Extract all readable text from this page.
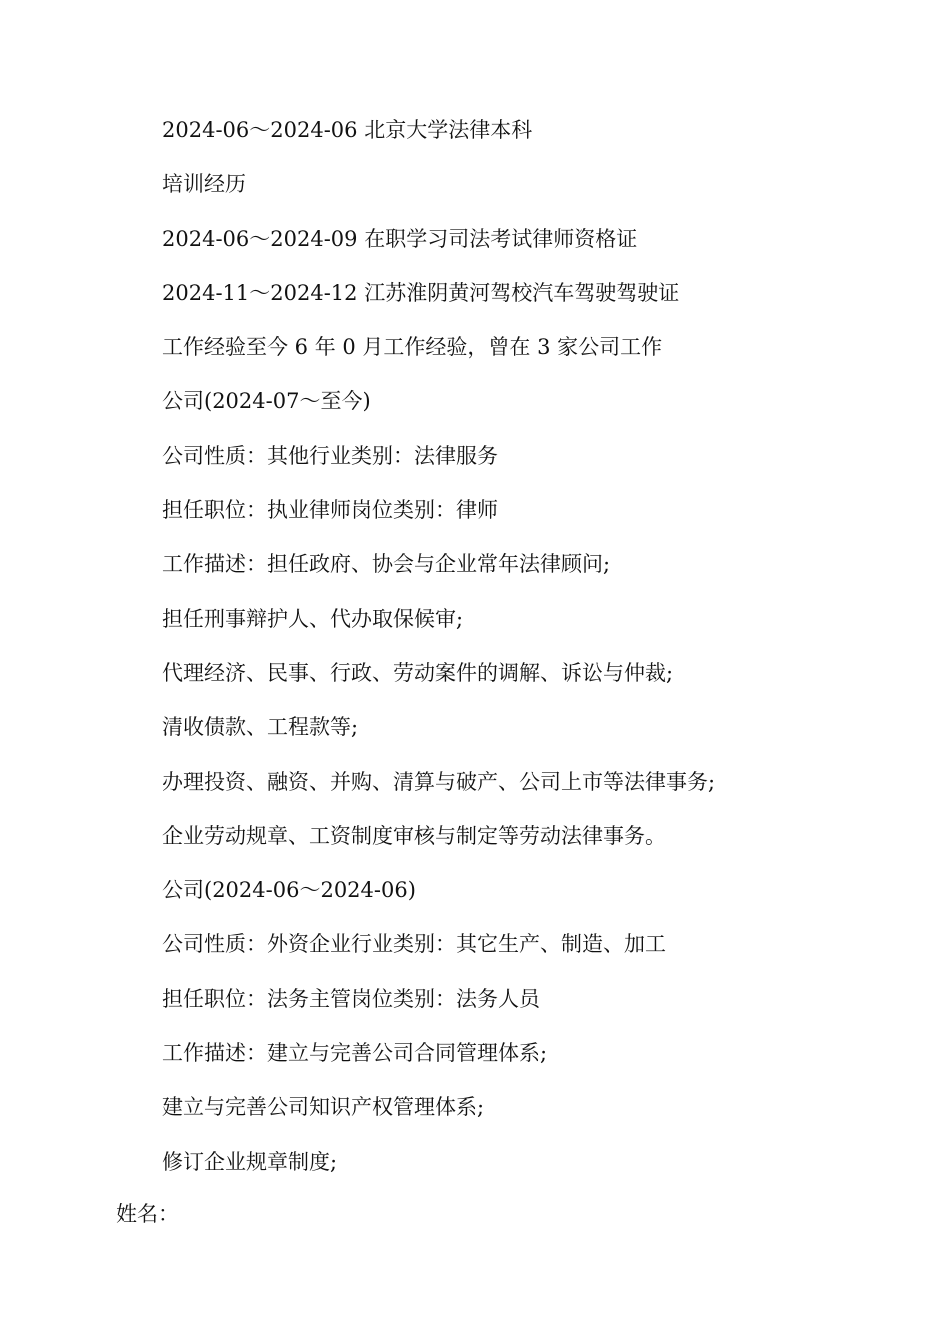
2024-06～2024-06 北京大学法律本科
培训经历
2024-06～2024-09 在职学习司法考试律师资格证
2024-11～2024-12 江苏淮阴黄河驾校汽车驾驶驾驶证
工作经验至今 6 年 0 月工作经验，曾在 3 家公司工作
公司(2024-07～至今)
公司性质：其他行业类别：法律服务
担任职位：执业律师岗位类别：律师
工作描述：担任政府、协会与企业常年法律顾问;
担任刑事辩护人、代办取保候审;
代理经济、民事、行政、劳动案件的调解、诉讼与仲裁;
清收债款、工程款等;
办理投资、融资、并购、清算与破产、公司上市等法律事务;
企业劳动规章、工资制度审核与制定等劳动法律事务。
公司(2024-06～2024-06)
公司性质：外资企业行业类别：其它生产、制造、加工
担任职位：法务主管岗位类别：法务人员
工作描述：建立与完善公司合同管理体系;
建立与完善公司知识产权管理体系;
修订企业规章制度;
姓名：
